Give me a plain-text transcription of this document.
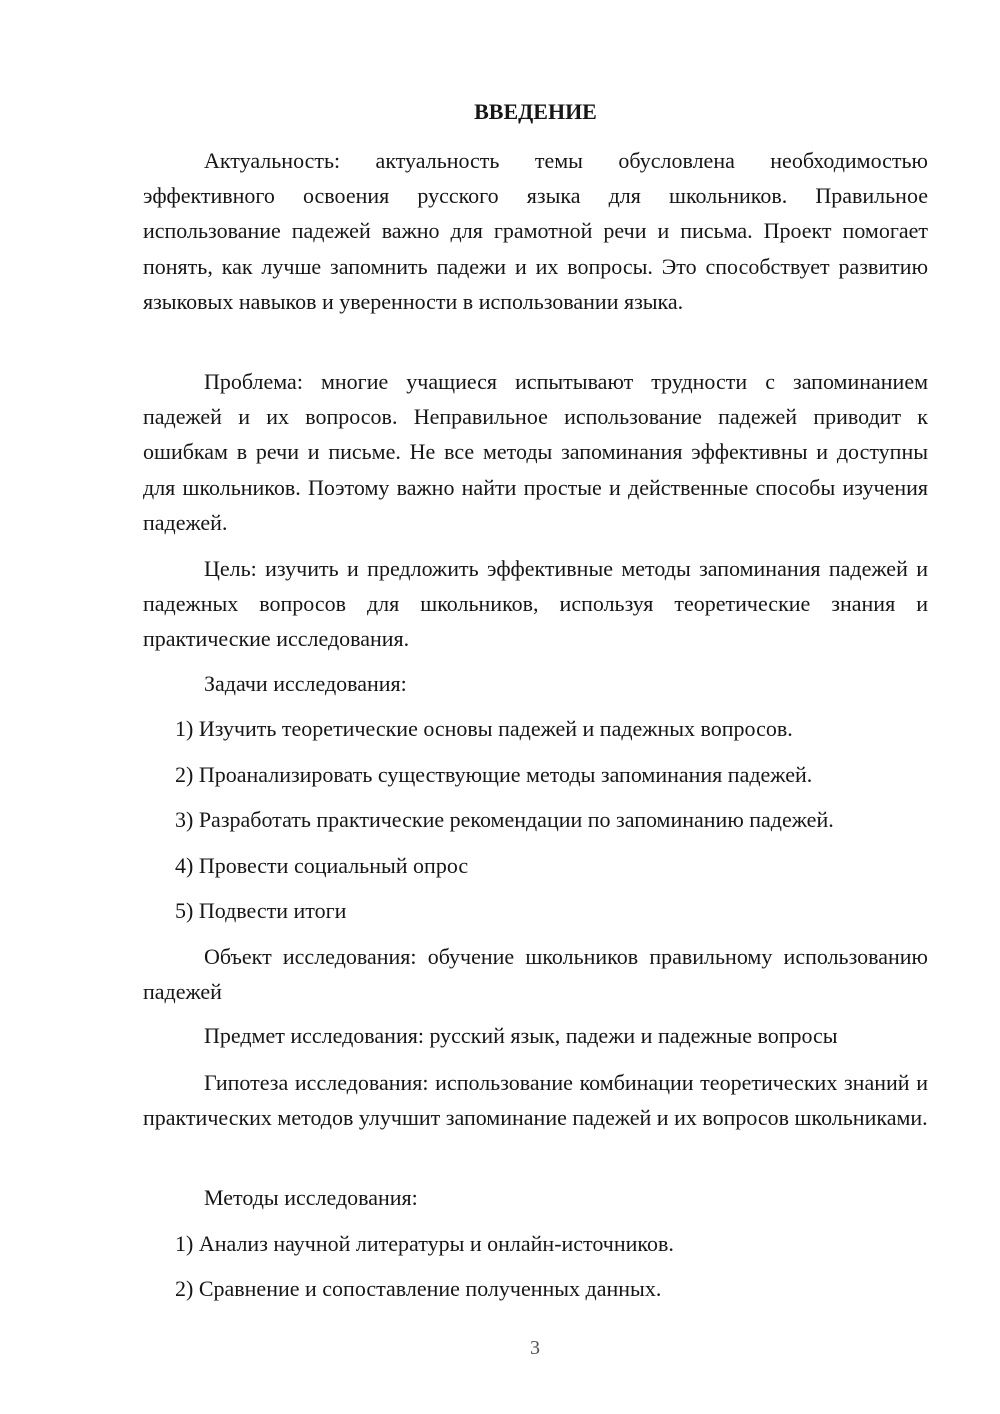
ВВЕДЕНИЕ
Актуальность: актуальность темы обусловлена необходимостью эффективного освоения русского языка для школьников. Правильное использование падежей важно для грамотной речи и письма. Проект помогает понять, как лучше запомнить падежи и их вопросы. Это способствует развитию языковых навыков и уверенности в использовании языка.
Проблема: многие учащиеся испытывают трудности с запоминанием падежей и их вопросов. Неправильное использование падежей приводит к ошибкам в речи и письме. Не все методы запоминания эффективны и доступны для школьников. Поэтому важно найти простые и действенные способы изучения падежей.
Цель: изучить и предложить эффективные методы запоминания падежей и падежных вопросов для школьников, используя теоретические знания и практические исследования.
Задачи исследования:
1) Изучить теоретические основы падежей и падежных вопросов.
2) Проанализировать существующие методы запоминания падежей.
3) Разработать практические рекомендации по запоминанию падежей.
4) Провести социальный опрос
5) Подвести итоги
Объект исследования: обучение школьников правильному использованию падежей
Предмет исследования: русский язык, падежи и падежные вопросы
Гипотеза исследования: использование комбинации теоретических знаний и практических методов улучшит запоминание падежей и их вопросов школьниками.
Методы исследования:
1) Анализ научной литературы и онлайн-источников.
2) Сравнение и сопоставление полученных данных.
3
